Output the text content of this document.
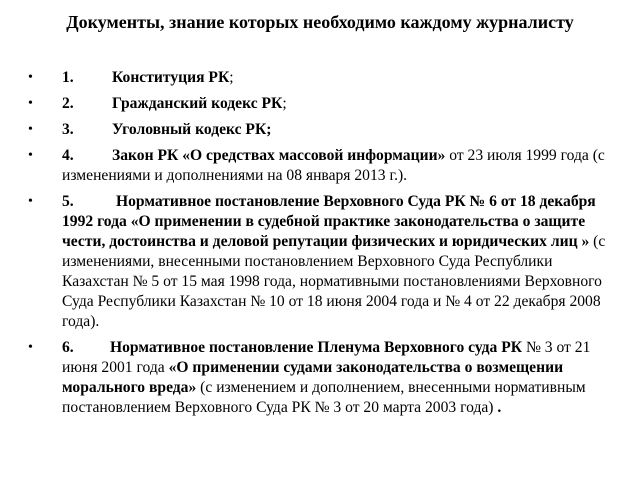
Документы, знание которых необходимо каждому журналисту
• 1. Конституция РК;
• 2. Гражданский кодекс РК;
• 3. Уголовный кодекс РК;
• 4. Закон РК «О средствах массовой информации» от 23 июля 1999 года (с изменениями и дополнениями на 08 января 2013 г.).
• 5.	Нормативное постановление Верховного Суда РК № 6 от 18 декабря 1992 года «О применении в судебной практике законодательства о защите чести, достоинства и деловой репутации физических и юридических лиц » (с изменениями, внесенными постановлением Верховного Суда Республики Казахстан № 5 от 15 мая 1998 года, нормативными постановлениями Верховного Суда Республики Казахстан № 10 от 18 июня 2004 года и № 4 от 22 декабря 2008 года).
• 6. Нормативное постановление Пленума Верховного суда РК № 3 от 21 июня 2001 года «О применении судами законодательства о возмещении морального вреда» (с изменением и дополнением, внесенными нормативным постановлением Верховного Суда РК № 3 от 20 марта 2003 года) .
